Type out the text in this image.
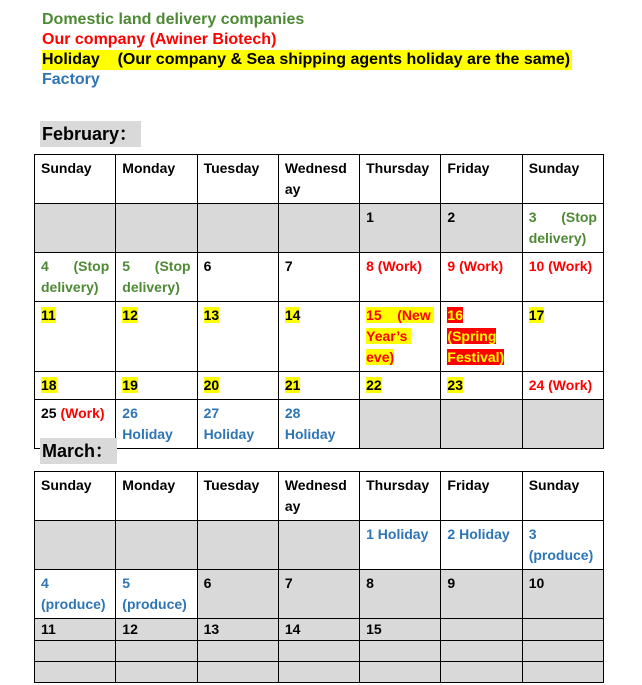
Domestic land delivery companies
Our company (Awiner Biotech)
Holiday    (Our company & Sea shipping agents holiday are the same)
Factory
February：
Sunday	Monday	Tuesday	Wednesday	Thursday	Friday	Sunday
				1	2	3 (Stop delivery)
4 (Stop delivery)	5 (Stop delivery)	6	7	8 (Work)	9 (Work)	10 (Work)
11	12	13	14	15    (New Year’s eve)	16 (Spring Festival)	17
18	19	20	21	22	23	24 (Work)
25 (Work)	26 Holiday	27 Holiday	28 Holiday			
March：
Sunday	Monday	Tuesday	Wednesday	Thursday	Friday	Sunday
				1 Holiday	2 Holiday	3 (produce)
4 (produce)	5 (produce)	6	7	8	9	10
11	12	13	14	15		
